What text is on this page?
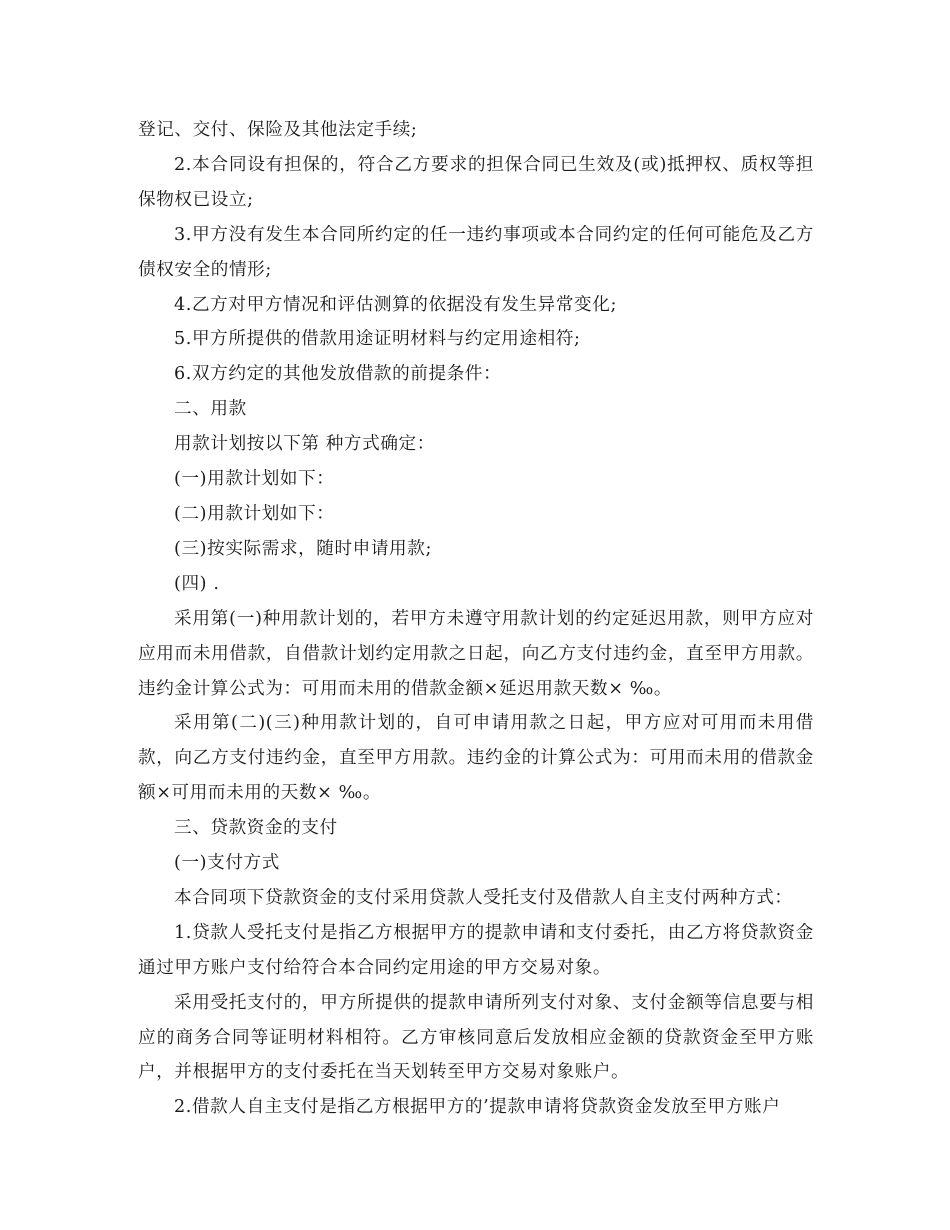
登记、交付、保险及其他法定手续;

2.本合同设有担保的，符合乙方要求的担保合同已生效及(或)抵押权、质权等担保物权已设立;

3.甲方没有发生本合同所约定的任一违约事项或本合同约定的任何可能危及乙方债权安全的情形;

4.乙方对甲方情况和评估测算的依据没有发生异常变化;

5.甲方所提供的借款用途证明材料与约定用途相符;

6.双方约定的其他发放借款的前提条件：

二、用款

用款计划按以下第 种方式确定：

(一)用款计划如下：

(二)用款计划如下：

(三)按实际需求，随时申请用款;

(四) .

采用第(一)种用款计划的，若甲方未遵守用款计划的约定延迟用款，则甲方应对应用而未用借款，自借款计划约定用款之日起，向乙方支付违约金，直至甲方用款。违约金计算公式为：可用而未用的借款金额×延迟用款天数× ‰。

采用第(二)(三)种用款计划的，自可申请用款之日起，甲方应对可用而未用借款，向乙方支付违约金，直至甲方用款。违约金的计算公式为：可用而未用的借款金额×可用而未用的天数× ‰。

三、贷款资金的支付

(一)支付方式

本合同项下贷款资金的支付采用贷款人受托支付及借款人自主支付两种方式：

1.贷款人受托支付是指乙方根据甲方的提款申请和支付委托，由乙方将贷款资金通过甲方账户支付给符合本合同约定用途的甲方交易对象。

采用受托支付的，甲方所提供的提款申请所列支付对象、支付金额等信息要与相应的商务合同等证明材料相符。乙方审核同意后发放相应金额的贷款资金至甲方账户，并根据甲方的支付委托在当天划转至甲方交易对象账户。

2.借款人自主支付是指乙方根据甲方的’提款申请将贷款资金发放至甲方账户
